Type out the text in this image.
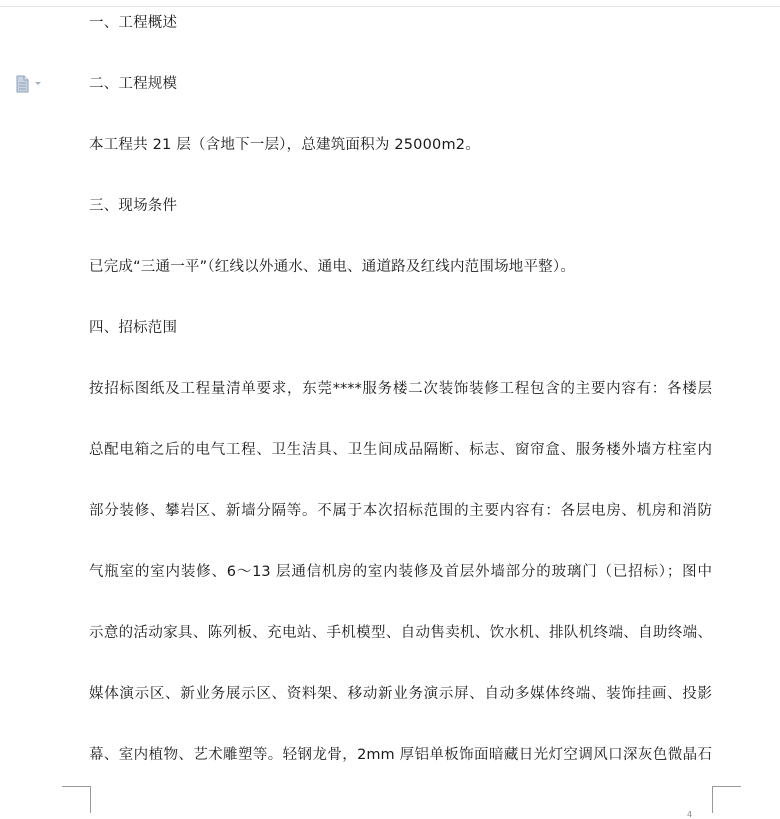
一、工程概述
二、工程规模
本工程共 21 层（含地下一层），总建筑面积为 25000m2。
三、现场条件
已完成“三通一平”（红线以外通水、通电、通道路及红线内范围场地平整）。
四、招标范围
按招标图纸及工程量清单要求，东莞****服务楼二次装饰装修工程包含的主要内容有：各楼层
总配电箱之后的电气工程、卫生洁具、卫生间成品隔断、标志、窗帘盒、服务楼外墙方柱室内
部分装修、攀岩区、新墙分隔等。不属于本次招标范围的主要内容有：各层电房、机房和消防
气瓶室的室内装修、6～13 层通信机房的室内装修及首层外墙部分的玻璃门（已招标）；图中
示意的活动家具、陈列板、充电站、手机模型、自动售卖机、饮水机、排队机终端、自助终端、
媒体演示区、新业务展示区、资料架、移动新业务演示屏、自动多媒体终端、装饰挂画、投影
幕、室内植物、艺术雕塑等。轻钢龙骨，2mm 厚铝单板饰面暗藏日光灯空调风口深灰色微晶石
4
